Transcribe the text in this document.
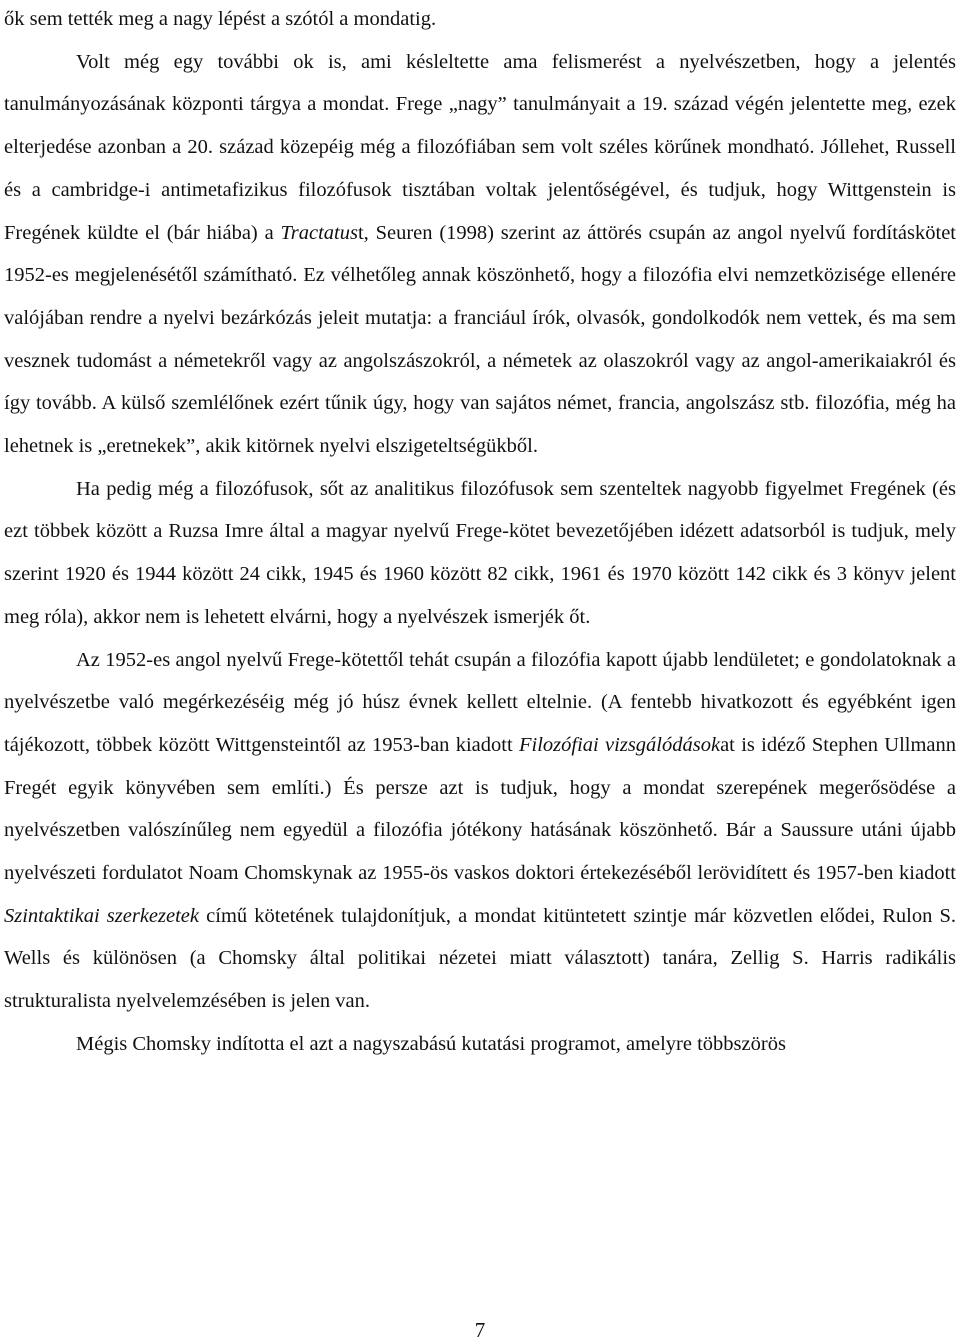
ők sem tették meg a nagy lépést a szótól a mondatig.

Volt még egy további ok is, ami késleltette ama felismerést a nyelvészetben, hogy a jelentés tanulmányozásának központi tárgya a mondat. Frege „nagy” tanulmányait a 19. század végén jelentette meg, ezek elterjedése azonban a 20. század közepéig még a filozófiában sem volt széles körűnek mondható. Jóllehet, Russell és a cambridge-i antimetafizikus filozófusok tisztában voltak jelentőségével, és tudjuk, hogy Wittgenstein is Fregének küldte el (bár hiába) a Tractatust, Seuren (1998) szerint az áttörés csupán az angol nyelvű fordításkötet 1952-es megjelenésétől számítható. Ez vélhetőleg annak köszönhető, hogy a filozófia elvi nemzetközisége ellenére valójában rendre a nyelvi bezárkózás jeleit mutatja: a franciául írók, olvasók, gondolkodók nem vettek, és ma sem vesznek tudomást a németekről vagy az angolszászokról, a németek az olaszokról vagy az angol-amerikaiakról és így tovább. A külső szemlélőnek ezért tűnik úgy, hogy van sajátos német, francia, angolszász stb. filozófia, még ha lehetnek is „eretnekek”, akik kitörnek nyelvi elszigeteltségükből.

Ha pedig még a filozófusok, sőt az analitikus filozófusok sem szenteltek nagyobb figyelmet Fregének (és ezt többek között a Ruzsa Imre által a magyar nyelvű Frege-kötet bevezetőjében idézett adatsorból is tudjuk, mely szerint 1920 és 1944 között 24 cikk, 1945 és 1960 között 82 cikk, 1961 és 1970 között 142 cikk és 3 könyv jelent meg róla), akkor nem is lehetett elvárni, hogy a nyelvészek ismerjék őt.

Az 1952-es angol nyelvű Frege-kötettől tehát csupán a filozófia kapott újabb lendületet; e gondolatoknak a nyelvészetbe való megérkezéséig még jó húsz évnek kellett eltelnie. (A fentebb hivatkozott és egyébként igen tájékozott, többek között Wittgensteintől az 1953-ban kiadott Filozófiai vizsgálódásokat is idéző Stephen Ullmann Fregét egyik könyvében sem említi.) És persze azt is tudjuk, hogy a mondat szerepének megerősödése a nyelvészetben valószínűleg nem egyedül a filozófia jótékony hatásának köszönhető. Bár a Saussure utáni újabb nyelvészeti fordulatot Noam Chomskynak az 1955-ös vaskos doktori értekezéséből lerövidített és 1957-ben kiadott Szintaktikai szerkezetek című kötetének tulajdonítjuk, a mondat kitüntetett szintje már közvetlen elődei, Rulon S. Wells és különösen (a Chomsky által politikai nézetei miatt választott) tanára, Zellig S. Harris radikális strukturalista nyelvelemzésében is jelen van.

Mégis Chomsky indította el azt a nagyszabású kutatási programot, amelyre többszörös

7
